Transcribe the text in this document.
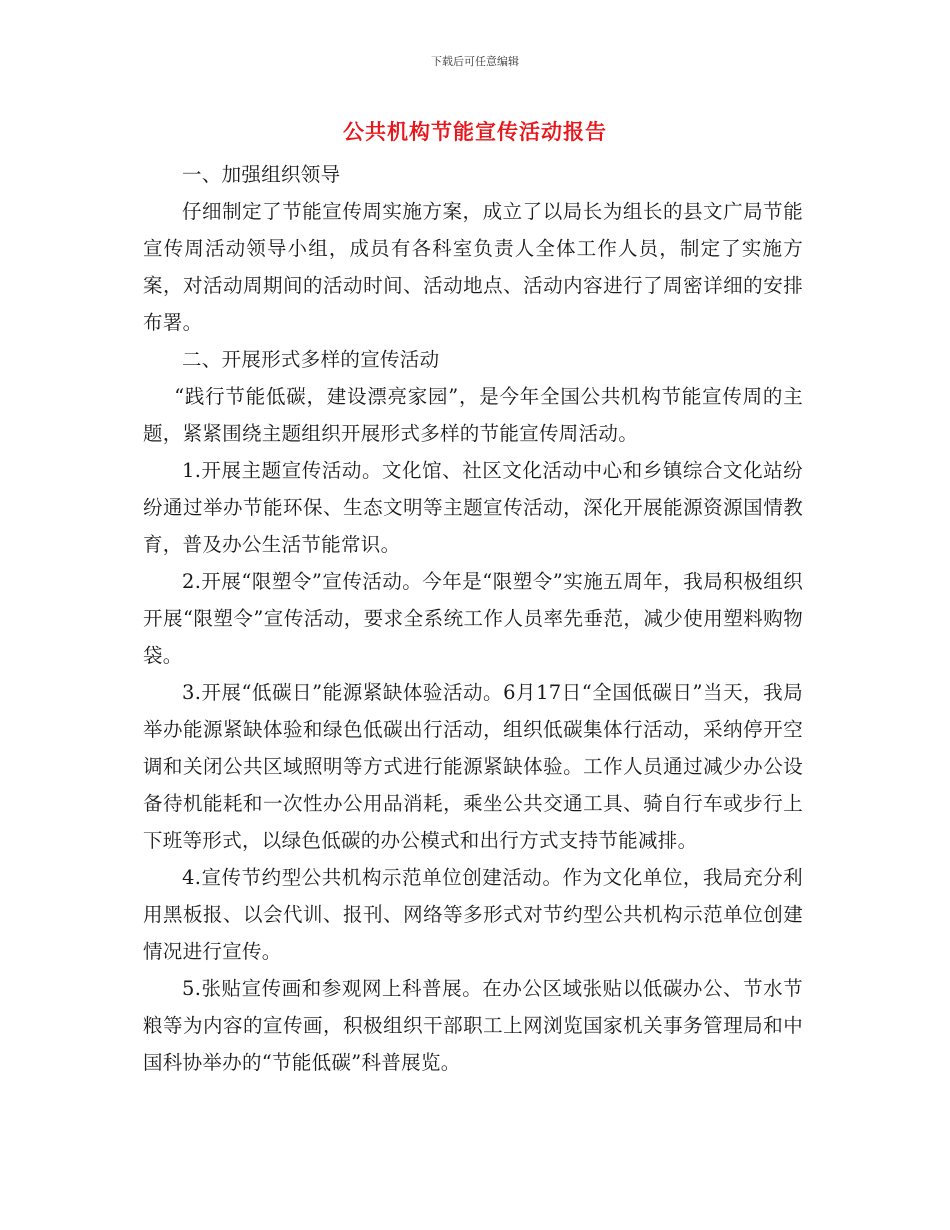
下载后可任意编辑
公共机构节能宣传活动报告

一、加强组织领导

仔细制定了节能宣传周实施方案，成立了以局长为组长的县文广局节能宣传周活动领导小组，成员有各科室负责人全体工作人员，制定了实施方案，对活动周期间的活动时间、活动地点、活动内容进行了周密详细的安排布署。

二、开展形式多样的宣传活动

“践行节能低碳，建设漂亮家园”，是今年全国公共机构节能宣传周的主题，紧紧围绕主题组织开展形式多样的节能宣传周活动。

1.开展主题宣传活动。文化馆、社区文化活动中心和乡镇综合文化站纷纷通过举办节能环保、生态文明等主题宣传活动，深化开展能源资源国情教育，普及办公生活节能常识。

2.开展“限塑令”宣传活动。今年是“限塑令”实施五周年，我局积极组织开展“限塑令”宣传活动，要求全系统工作人员率先垂范，减少使用塑料购物袋。

3.开展“低碳日”能源紧缺体验活动。6月17日“全国低碳日”当天，我局举办能源紧缺体验和绿色低碳出行活动，组织低碳集体行活动，采纳停开空调和关闭公共区域照明等方式进行能源紧缺体验。工作人员通过减少办公设备待机能耗和一次性办公用品消耗，乘坐公共交通工具、骑自行车或步行上下班等形式，以绿色低碳的办公模式和出行方式支持节能减排。

4.宣传节约型公共机构示范单位创建活动。作为文化单位，我局充分利用黑板报、以会代训、报刊、网络等多形式对节约型公共机构示范单位创建情况进行宣传。

5.张贴宣传画和参观网上科普展。在办公区域张贴以低碳办公、节水节粮等为内容的宣传画，积极组织干部职工上网浏览国家机关事务管理局和中国科协举办的“节能低碳”科普展览。
